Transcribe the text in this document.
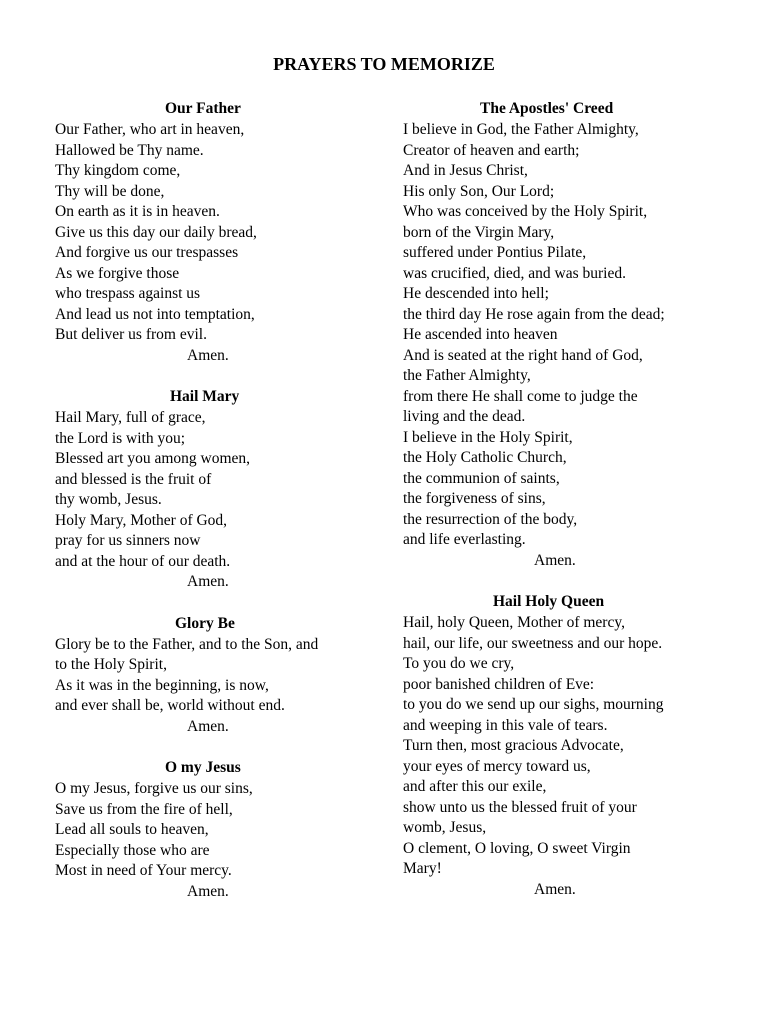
PRAYERS TO MEMORIZE
Our Father
Our Father, who art in heaven,
Hallowed be Thy name.
Thy kingdom come,
Thy will be done,
On earth as it is in heaven.
Give us this day our daily bread,
And forgive us our trespasses
As we forgive those
who trespass against us
And lead us not into temptation,
But deliver us from evil.
Amen.
Hail Mary
Hail Mary, full of grace,
the Lord is with you;
Blessed art you among women,
and blessed is the fruit of
thy womb, Jesus.
Holy Mary, Mother of God,
pray for us sinners now
and at the hour of our death.
Amen.
Glory Be
Glory be to the Father, and to the Son, and
to the Holy Spirit,
As it was in the beginning, is now,
and ever shall be, world without end.
Amen.
O my Jesus
O my Jesus, forgive us our sins,
Save us from the fire of hell,
Lead all souls to heaven,
Especially those who are
Most in need of Your mercy.
Amen.
The Apostles' Creed
I believe in God, the Father Almighty,
Creator of heaven and earth;
And in Jesus Christ,
His only Son, Our Lord;
Who was conceived by the Holy Spirit,
born of the Virgin Mary,
suffered under Pontius Pilate,
was crucified, died, and was buried.
He descended into hell;
the third day He rose again from the dead;
He ascended into heaven
And is seated at the right hand of God,
the Father Almighty,
from there He shall come to judge the
living and the dead.
I believe in the Holy Spirit,
the Holy Catholic Church,
the communion of saints,
the forgiveness of sins,
the resurrection of the body,
and life everlasting.
Amen.
Hail Holy Queen
Hail, holy Queen, Mother of mercy,
hail, our life, our sweetness and our hope.
To you do we cry,
poor banished children of Eve:
to you do we send up our sighs, mourning
and weeping in this vale of tears.
Turn then, most gracious Advocate,
your eyes of mercy toward us,
and after this our exile,
show unto us the blessed fruit of your
womb, Jesus,
O clement, O loving, O sweet Virgin
Mary!
Amen.
